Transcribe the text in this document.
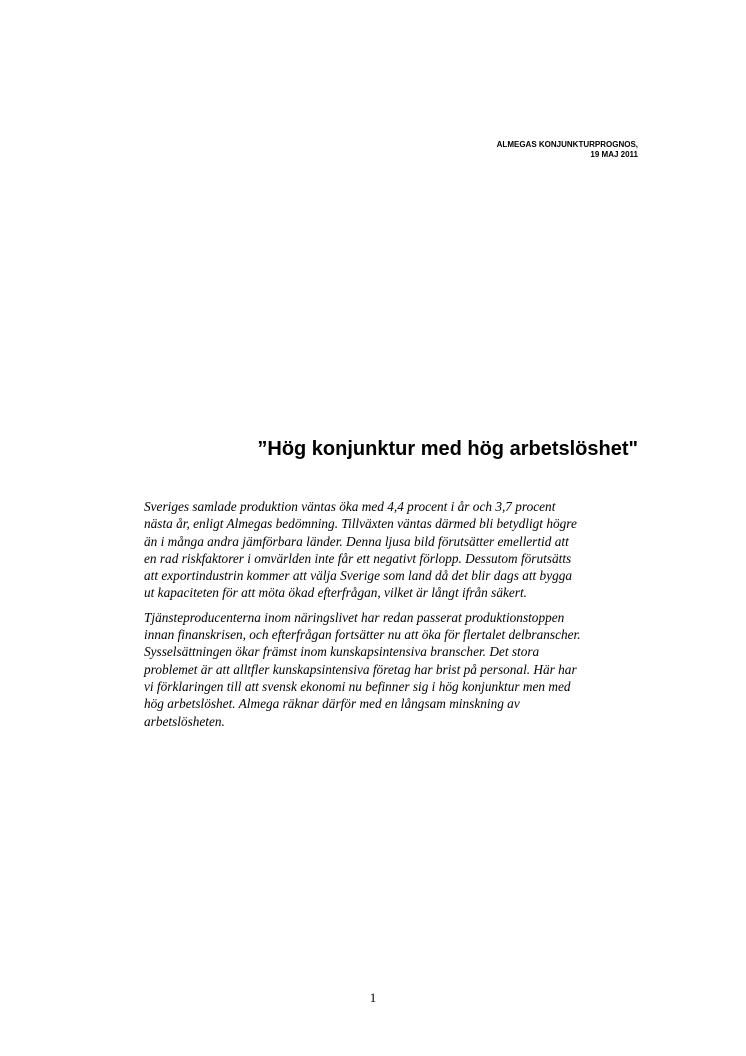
ALMEGAS KONJUNKTURPROGNOS,
19 MAJ 2011
”Hög konjunktur med hög arbetslöshet"

Sveriges samlade produktion väntas öka med 4,4 procent i år och 3,7 procent
nästa år, enligt Almegas bedömning. Tillväxten väntas därmed bli betydligt högre
än i många andra jämförbara länder. Denna ljusa bild förutsätter emellertid att
en rad riskfaktorer i omvärlden inte får ett negativt förlopp. Dessutom förutsätts
att exportindustrin kommer att välja Sverige som land då det blir dags att bygga
ut kapaciteten för att möta ökad efterfrågan, vilket är långt ifrån säkert.

Tjänsteproducenterna inom näringslivet har redan passerat produktionstoppen
innan finanskrisen, och efterfrågan fortsätter nu att öka för flertalet delbranscher.
Sysselsättningen ökar främst inom kunskapsintensiva branscher. Det stora
problemet är att alltfler kunskapsintensiva företag har brist på personal. Här har
vi förklaringen till att svensk ekonomi nu befinner sig i hög konjunktur men med
hög arbetslöshet. Almega räknar därför med en långsam minskning av
arbetslösheten.

1
